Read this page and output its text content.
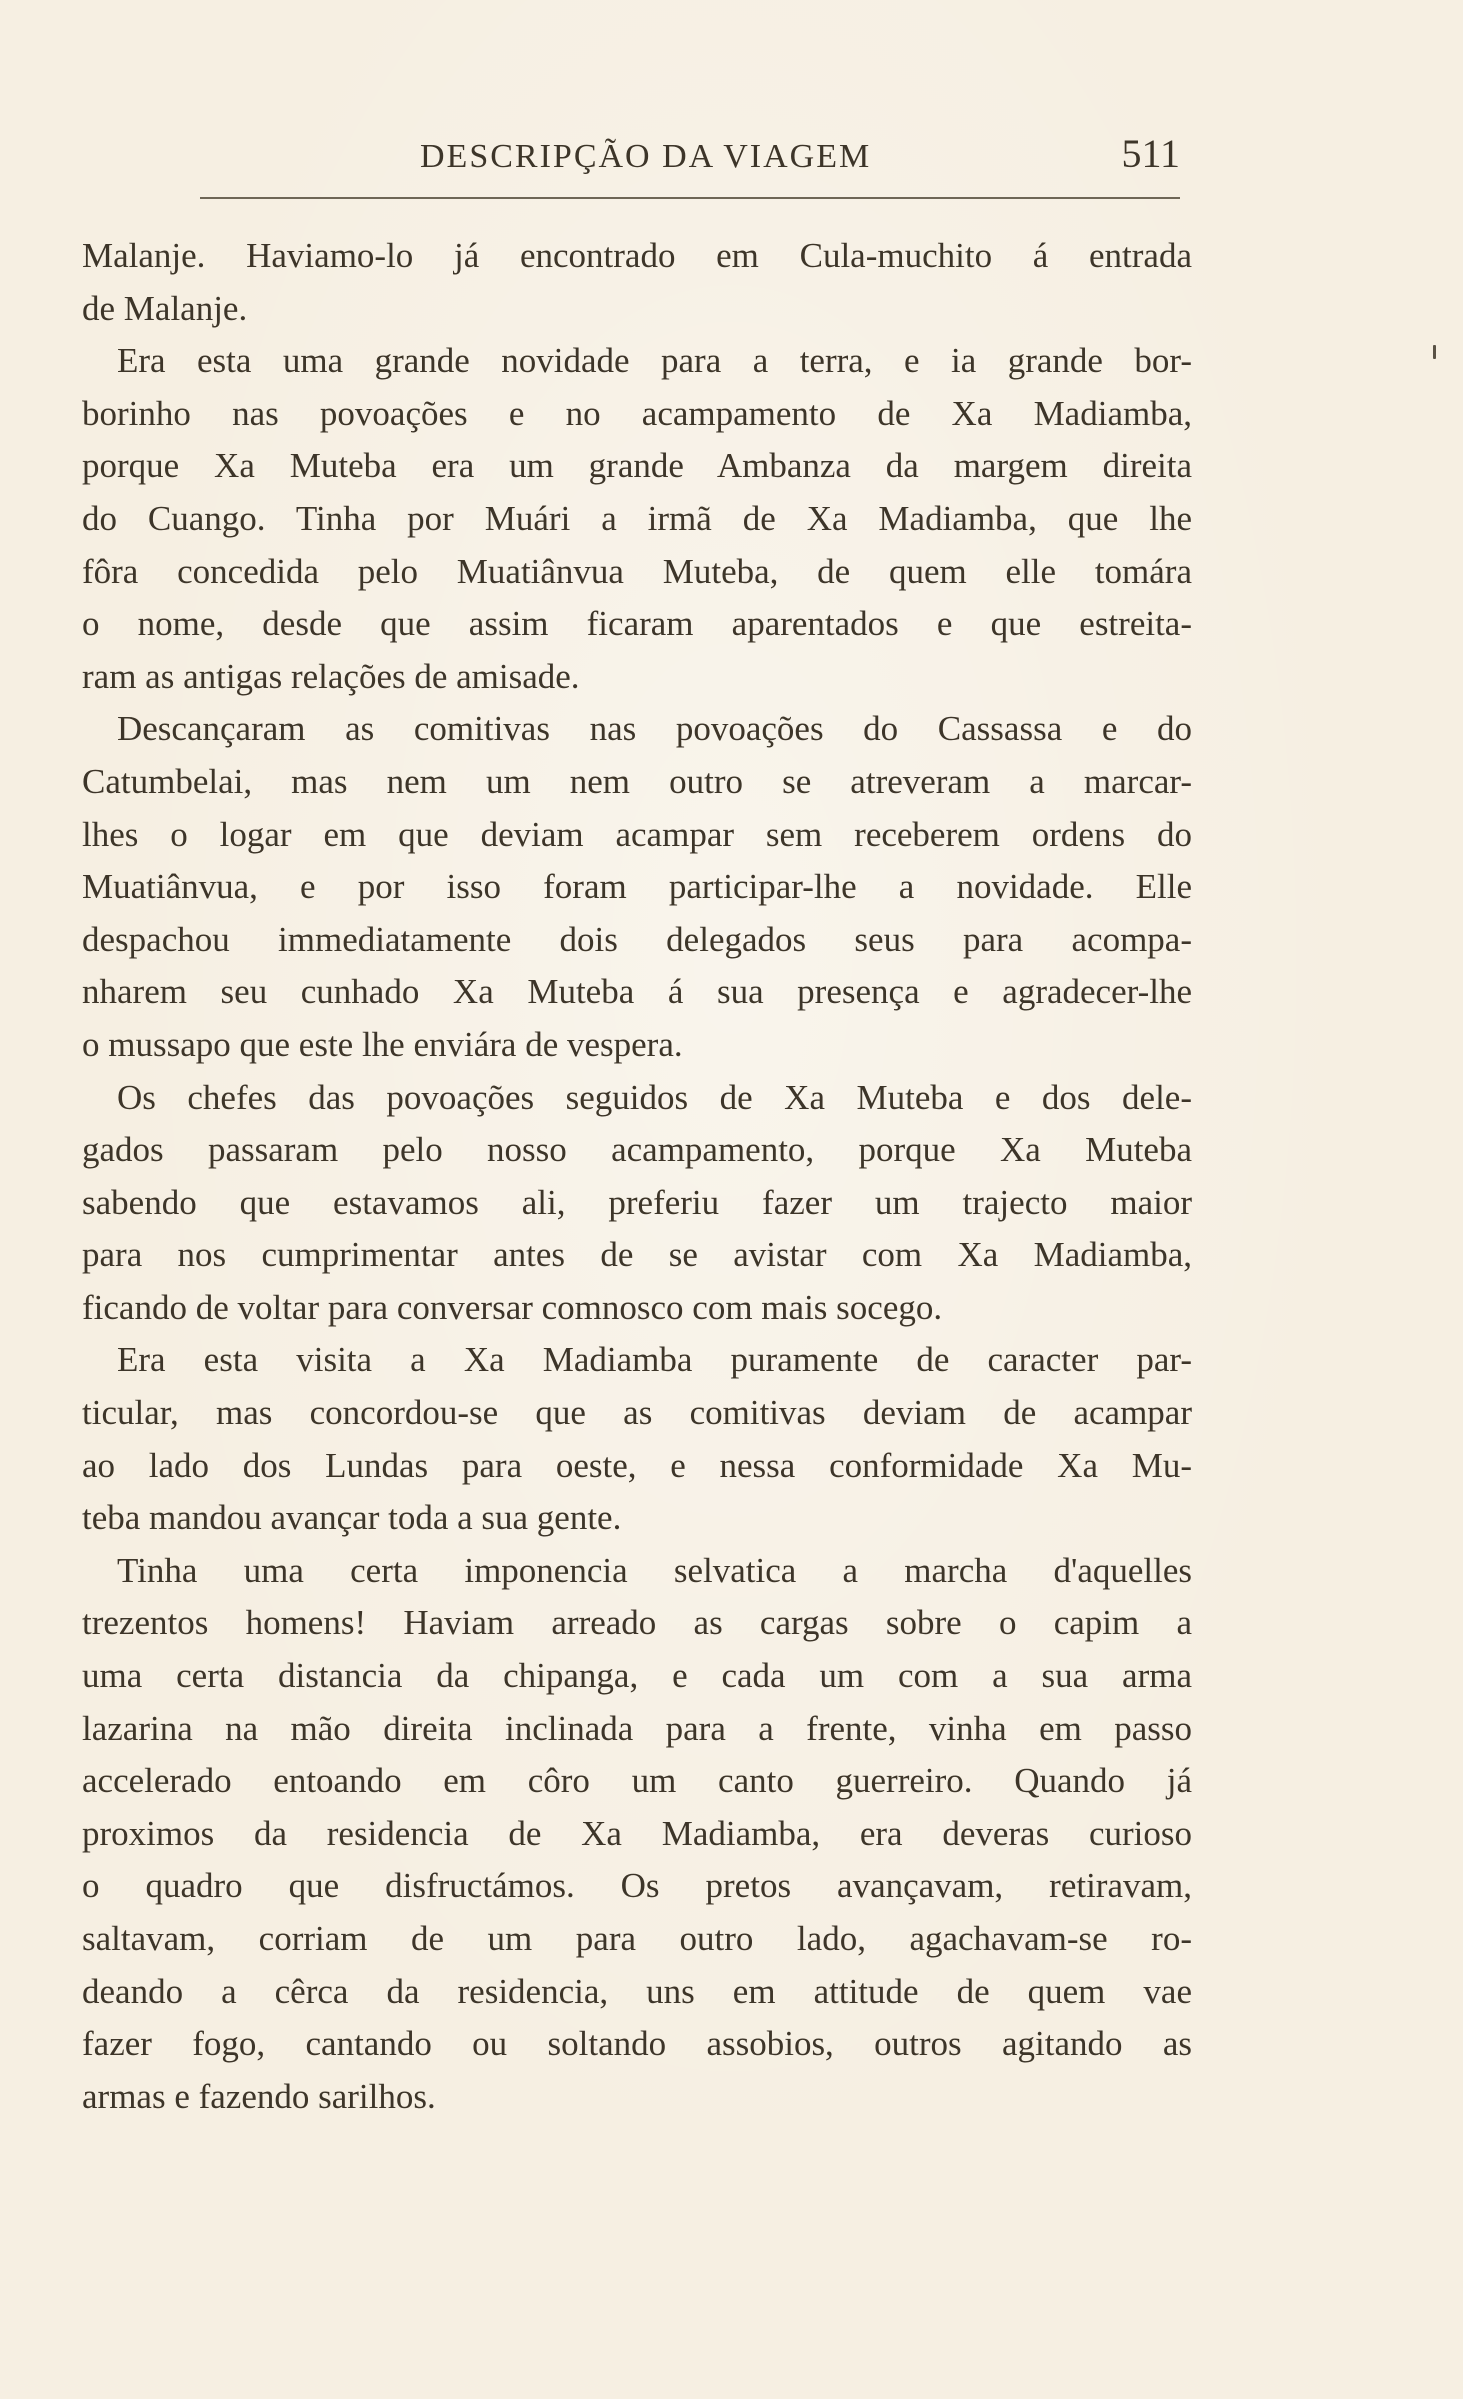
DESCRIPÇÃO DA VIAGEM	511
Malanje. Haviamo-lo já encontrado em Cula-muchito á entrada
de Malanje.
Era esta uma grande novidade para a terra, e ia grande bor-
borinho nas povoações e no acampamento de Xa Madiamba,
porque Xa Muteba era um grande Ambanza da margem direita
do Cuango. Tinha por Muári a irmã de Xa Madiamba, que lhe
fôra concedida pelo Muatiânvua Muteba, de quem elle tomára
o nome, desde que assim ficaram aparentados e que estreita-
ram as antigas relações de amisade.
Descançaram as comitivas nas povoações do Cassassa e do
Catumbelai, mas nem um nem outro se atreveram a marcar-
lhes o logar em que deviam acampar sem receberem ordens do
Muatiânvua, e por isso foram participar-lhe a novidade. Elle
despachou immediatamente dois delegados seus para acompa-
nharem seu cunhado Xa Muteba á sua presença e agradecer-lhe
o mussapo que este lhe enviára de vespera.
Os chefes das povoações seguidos de Xa Muteba e dos dele-
gados passaram pelo nosso acampamento, porque Xa Muteba
sabendo que estavamos ali, preferiu fazer um trajecto maior
para nos cumprimentar antes de se avistar com Xa Madiamba,
ficando de voltar para conversar comnosco com mais socego.
Era esta visita a Xa Madiamba puramente de caracter par-
ticular, mas concordou-se que as comitivas deviam de acampar
ao lado dos Lundas para oeste, e nessa conformidade Xa Mu-
teba mandou avançar toda a sua gente.
Tinha uma certa imponencia selvatica a marcha d'aquelles
trezentos homens! Haviam arreado as cargas sobre o capim a
uma certa distancia da chipanga, e cada um com a sua arma
lazarina na mão direita inclinada para a frente, vinha em passo
accelerado entoando em côro um canto guerreiro. Quando já
proximos da residencia de Xa Madiamba, era deveras curioso
o quadro que disfructámos. Os pretos avançavam, retiravam,
saltavam, corriam de um para outro lado, agachavam-se ro-
deando a cêrca da residencia, uns em attitude de quem vae
fazer fogo, cantando ou soltando assobios, outros agitando as
armas e fazendo sarilhos.
